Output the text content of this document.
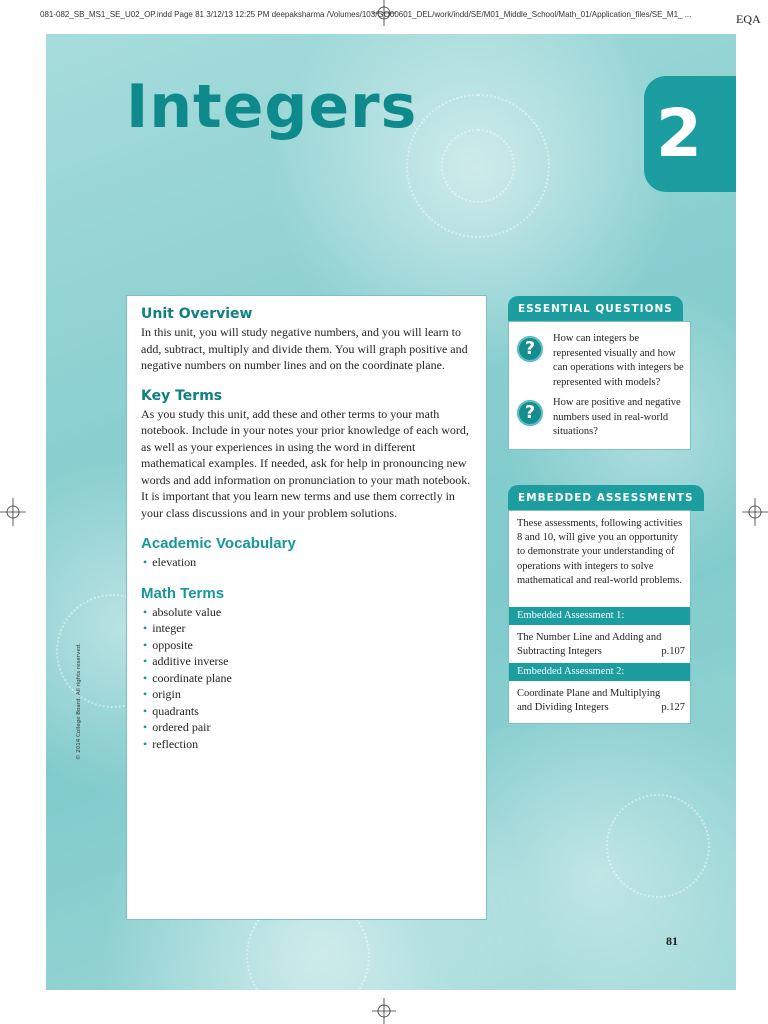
081-082_SB_MS1_SE_U02_OP.indd Page 81 3/12/13 12:25 PM deepaksharma /Volumes/103/GO00601_DEL/work/indd/SE/M01_Middle_School/Math_01/Application_files/SE_M1_ ...	EQA
Integers	2
Unit Overview

In this unit, you will study negative numbers, and you will learn to add, subtract, multiply and divide them. You will graph positive and negative numbers on number lines and on the coordinate plane.

Key Terms

As you study this unit, add these and other terms to your math notebook. Include in your notes your prior knowledge of each word, as well as your experiences in using the word in different mathematical examples. If needed, ask for help in pronouncing new words and add information on pronunciation to your math notebook. It is important that you learn new terms and use them correctly in your class discussions and in your problem solutions.

Academic Vocabulary
• elevation
Math Terms
• absolute value
• integer
• opposite
• additive inverse
• coordinate plane
• origin
• quadrants
• ordered pair
• reflection
© 2014 College Board. All rights reserved.
ESSENTIAL QUESTIONS
?	How can integers be represented visually and how can operations with integers be represented with models?
?	How are positive and negative numbers used in real-world situations?
EMBEDDED ASSESSMENTS
These assessments, following activities 8 and 10, will give you an opportunity to demonstrate your understanding of operations with integers to solve mathematical and real-world problems.
Embedded Assessment 1:
The Number Line and Adding and
Subtracting Integers	p.107
Embedded Assessment 2:
Coordinate Plane and Multiplying
and Dividing Integers	p.127
81
